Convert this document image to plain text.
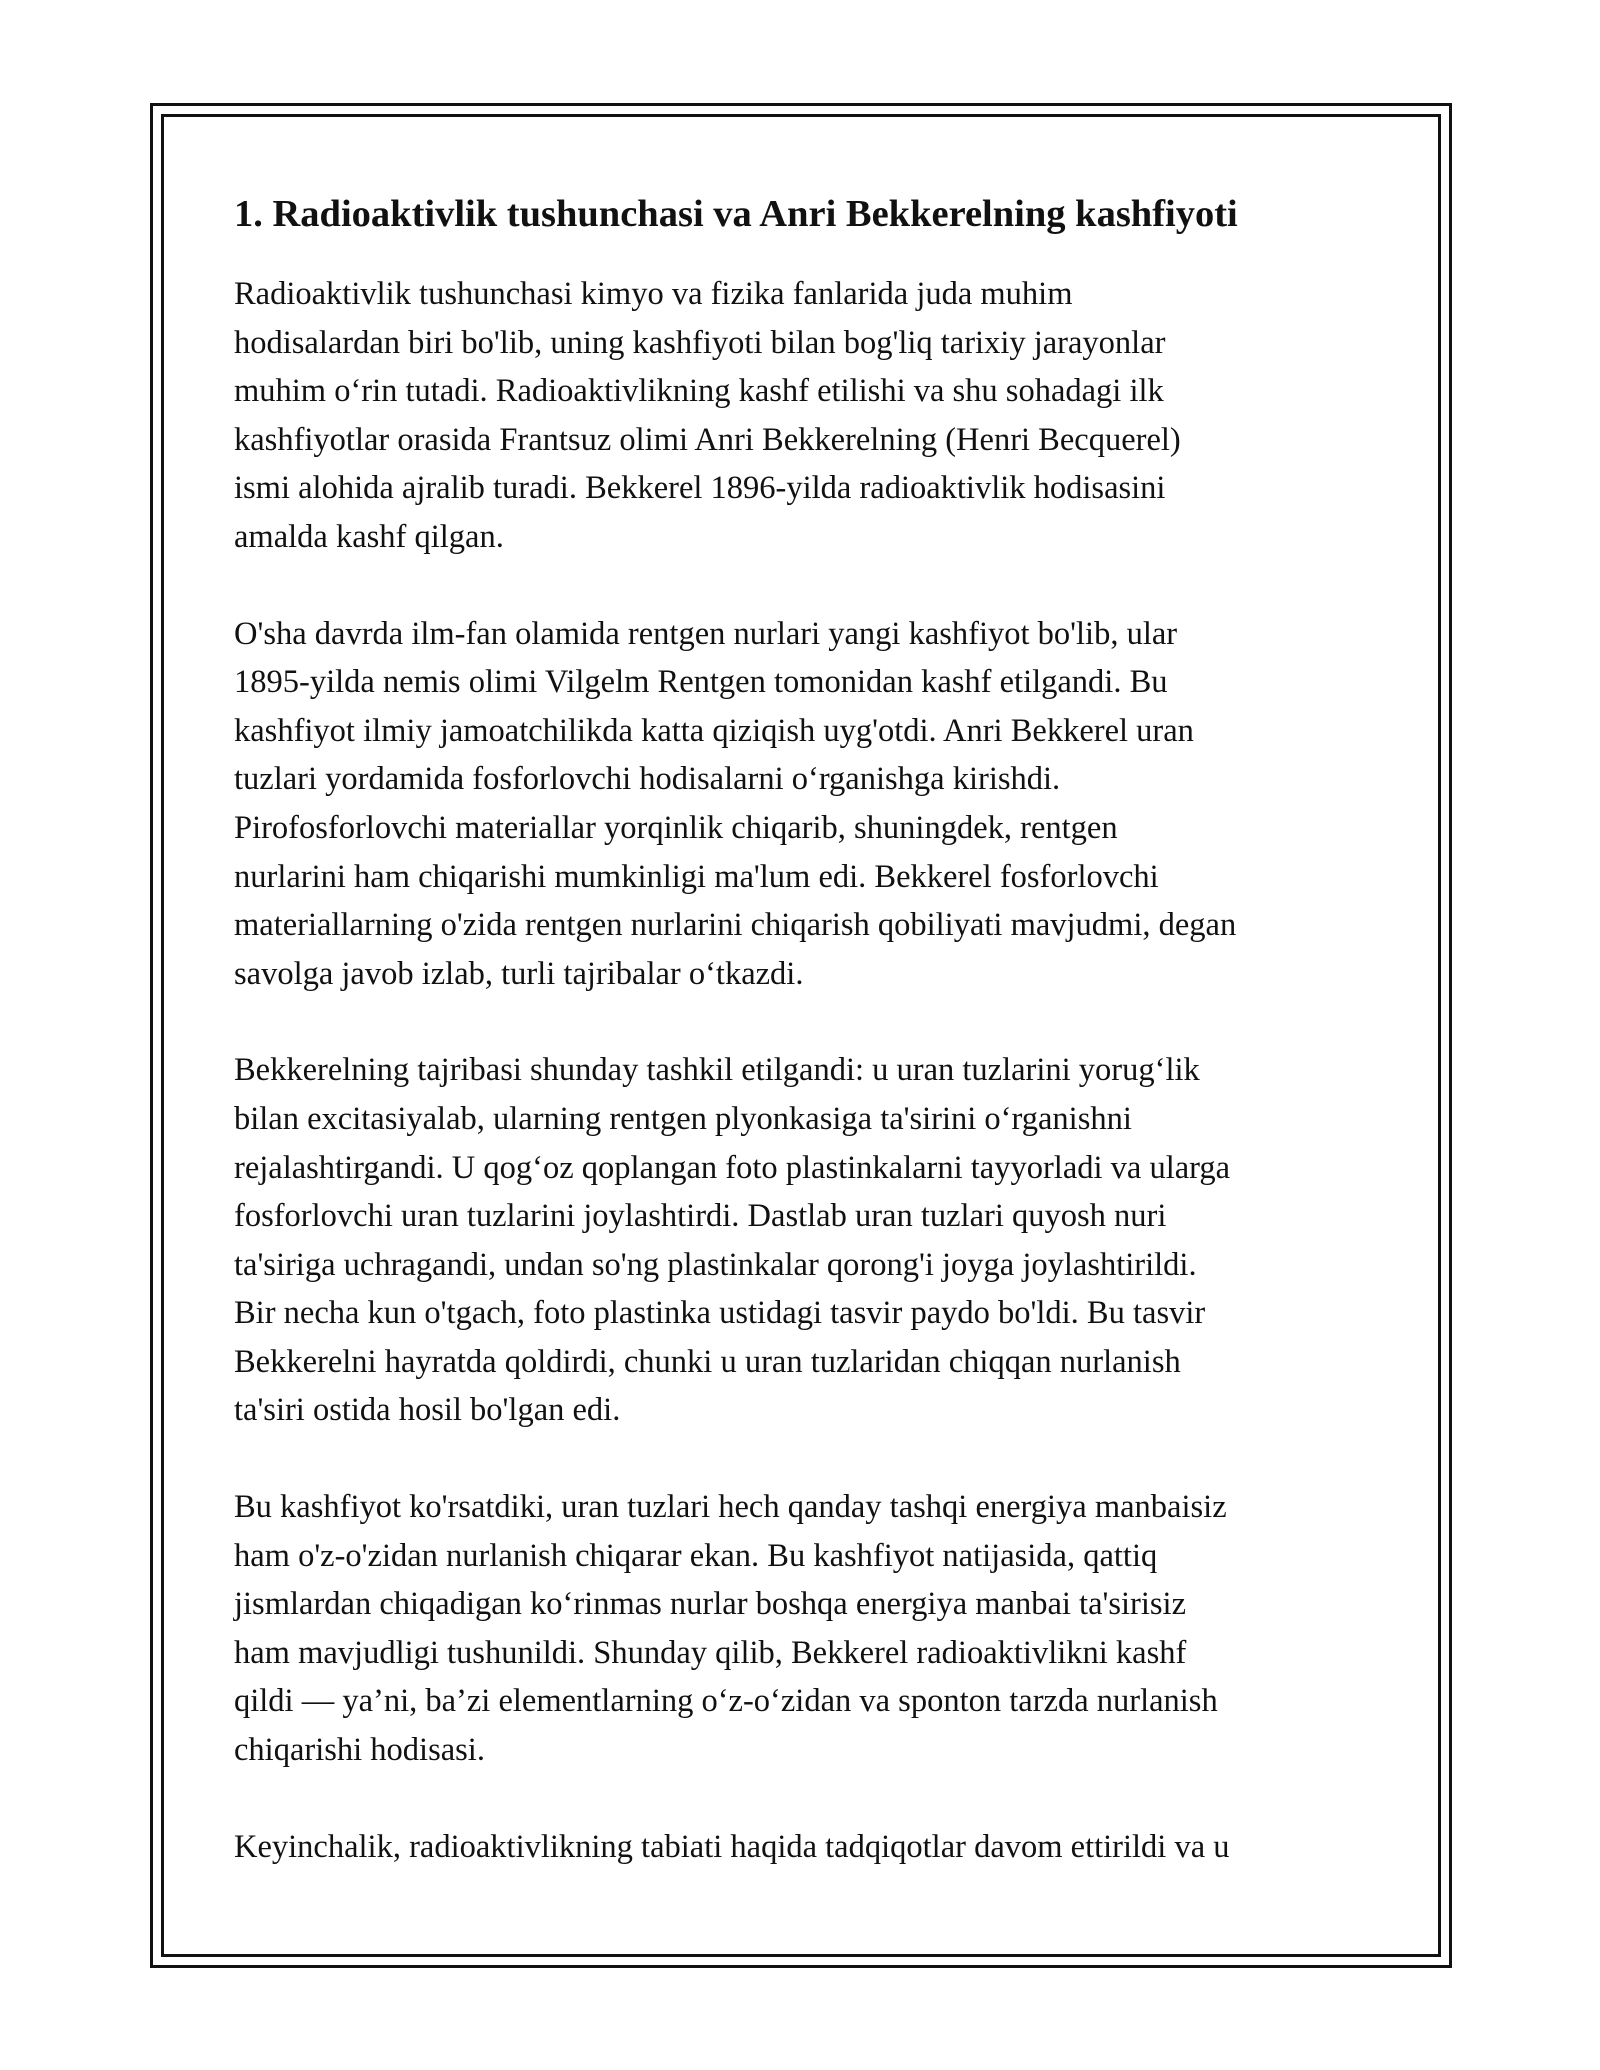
1. Radioaktivlik tushunchasi va Anri Bekkerelning kashfiyoti

Radioaktivlik tushunchasi kimyo va fizika fanlarida juda muhim
hodisalardan biri bo'lib, uning kashfiyoti bilan bog'liq tarixiy jarayonlar
muhim o‘rin tutadi. Radioaktivlikning kashf etilishi va shu sohadagi ilk
kashfiyotlar orasida Frantsuz olimi Anri Bekkerelning (Henri Becquerel)
ismi alohida ajralib turadi. Bekkerel 1896-yilda radioaktivlik hodisasini
amalda kashf qilgan.

O'sha davrda ilm-fan olamida rentgen nurlari yangi kashfiyot bo'lib, ular
1895-yilda nemis olimi Vilgelm Rentgen tomonidan kashf etilgandi. Bu
kashfiyot ilmiy jamoatchilikda katta qiziqish uyg'otdi. Anri Bekkerel uran
tuzlari yordamida fosforlovchi hodisalarni o‘rganishga kirishdi.
Pirofosforlovchi materiallar yorqinlik chiqarib, shuningdek, rentgen
nurlarini ham chiqarishi mumkinligi ma'lum edi. Bekkerel fosforlovchi
materiallarning o'zida rentgen nurlarini chiqarish qobiliyati mavjudmi, degan
savolga javob izlab, turli tajribalar o‘tkazdi.

Bekkerelning tajribasi shunday tashkil etilgandi: u uran tuzlarini yorug‘lik
bilan excitasiyalab, ularning rentgen plyonkasiga ta'sirini o‘rganishni
rejalashtirgandi. U qog‘oz qoplangan foto plastinkalarni tayyorladi va ularga
fosforlovchi uran tuzlarini joylashtirdi. Dastlab uran tuzlari quyosh nuri
ta'siriga uchragandi, undan so'ng plastinkalar qorong'i joyga joylashtirildi.
Bir necha kun o'tgach, foto plastinka ustidagi tasvir paydo bo'ldi. Bu tasvir
Bekkerelni hayratda qoldirdi, chunki u uran tuzlaridan chiqqan nurlanish
ta'siri ostida hosil bo'lgan edi.

Bu kashfiyot ko'rsatdiki, uran tuzlari hech qanday tashqi energiya manbaisiz
ham o'z-o'zidan nurlanish chiqarar ekan. Bu kashfiyot natijasida, qattiq
jismlardan chiqadigan ko‘rinmas nurlar boshqa energiya manbai ta'sirisiz
ham mavjudligi tushunildi. Shunday qilib, Bekkerel radioaktivlikni kashf
qildi — ya’ni, ba’zi elementlarning o‘z-o‘zidan va sponton tarzda nurlanish
chiqarishi hodisasi.

Keyinchalik, radioaktivlikning tabiati haqida tadqiqotlar davom ettirildi va u
